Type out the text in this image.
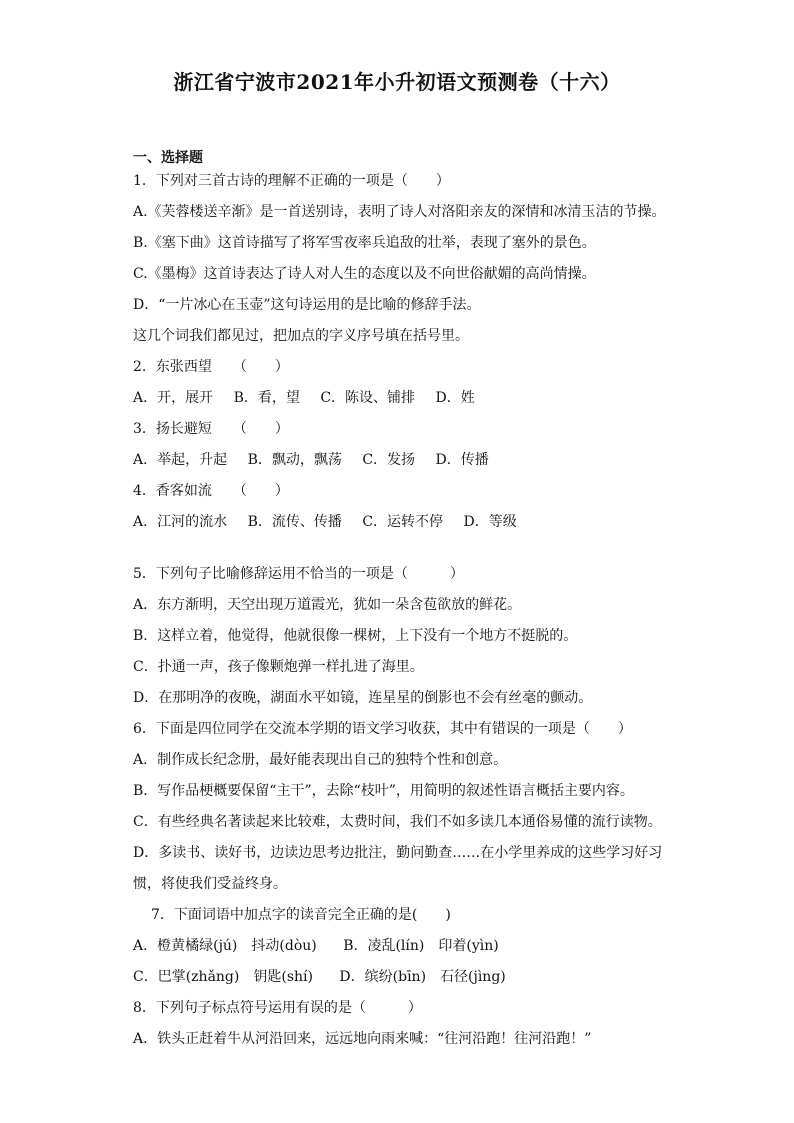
浙江省宁波市2021年小升初语文预测卷（十六）
一、选择题
1．下列对三首古诗的理解不正确的一项是（　　）
A.《芙蓉楼送辛渐》是一首送别诗，表明了诗人对洛阳亲友的深情和冰清玉洁的节操。
B.《塞下曲》这首诗描写了将军雪夜率兵追敌的壮举，表现了塞外的景色。
C.《墨梅》这首诗表达了诗人对人生的态度以及不向世俗献媚的高尚情操。
D．“一片冰心在玉壶”这句诗运用的是比喻的修辞手法。
这几个词我们都见过，把加点的字义序号填在括号里。
2．东张西望　　（　　）
A．开，展开 B．看，望 C．陈设、铺排 D．姓
3．扬长避短　　（　　）
A．举起，升起 B．飘动，飘荡 C．发扬 D．传播
4．香客如流　　（　　）
A．江河的流水 B．流传、传播 C．运转不停 D．等级
5．下列句子比喻修辞运用不恰当的一项是（　　　）
A．东方渐明，天空出现万道霞光，犹如一朵含苞欲放的鲜花。
B．这样立着，他觉得，他就很像一棵树，上下没有一个地方不挺脱的。
C．扑通一声，孩子像颗炮弹一样扎进了海里。
D．在那明净的夜晚，湖面水平如镜，连星星的倒影也不会有丝毫的颤动。
6．下面是四位同学在交流本学期的语文学习收获，其中有错误的一项是（　　）
A．制作成长纪念册，最好能表现出自己的独特个性和创意。
B．写作品梗概要保留“主干”，去除“枝叶”，用简明的叙述性语言概括主要内容。
C．有些经典名著读起来比较难，太费时间，我们不如多读几本通俗易懂的流行读物。
D．多读书、读好书，边读边思考边批注，勤问勤查……在小学里养成的这些学习好习
惯，将使我们受益终身。
7．下面词语中加点字的读音完全正确的是(　　)
A．橙黄橘绿(jú)　抖动(dòu) B．凌乱(lín)　印着(yìn)
C．巴掌(zhǎng)　钥匙(shí) D．缤纷(bīn)　石径(jìng)
8．下列句子标点符号运用有误的是（　　　）
A．铁头正赶着牛从河沿回来，远远地向雨来喊：“往河沿跑！往河沿跑！”
